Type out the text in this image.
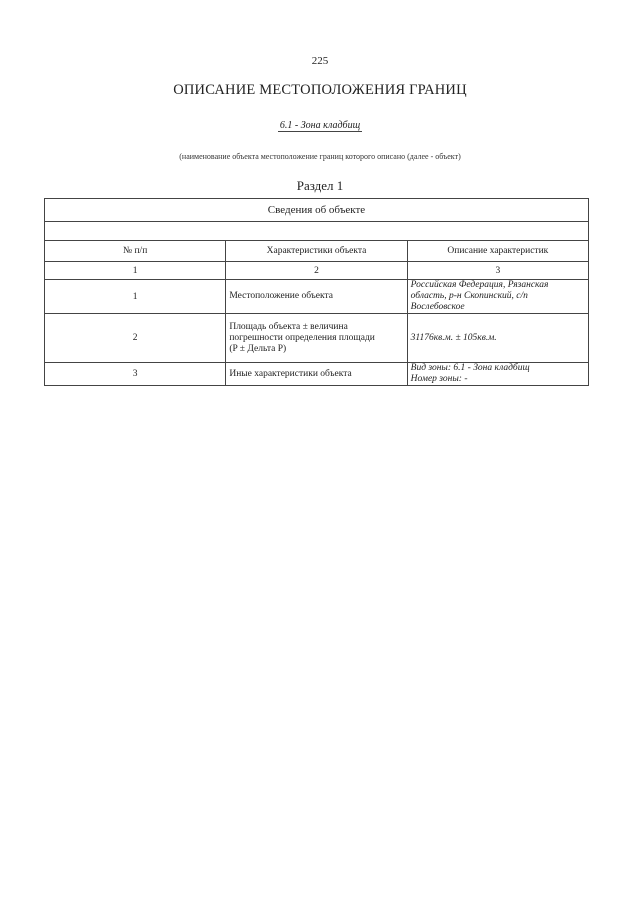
225
ОПИСАНИЕ МЕСТОПОЛОЖЕНИЯ ГРАНИЦ
6.1 - Зона кладбищ
(наименование объекта местоположение границ которого описано (далее - объект)
Раздел 1
Сведения об объекте		

№ п/п	Характеристики объекта	Описание характеристик
1	2	3
1	Местоположение объекта	Российская Федерация, Рязанская область, р-н Скопинский, с/п
Вослебовское

2	Площадь объекта ± величина
погрешности определения площади
(P ± Дельта P)	31176кв.м. ± 105кв.м.

3	Иные характеристики объекта	Вид зоны: 6.1 - Зона кладбищ
Номер зоны: -
